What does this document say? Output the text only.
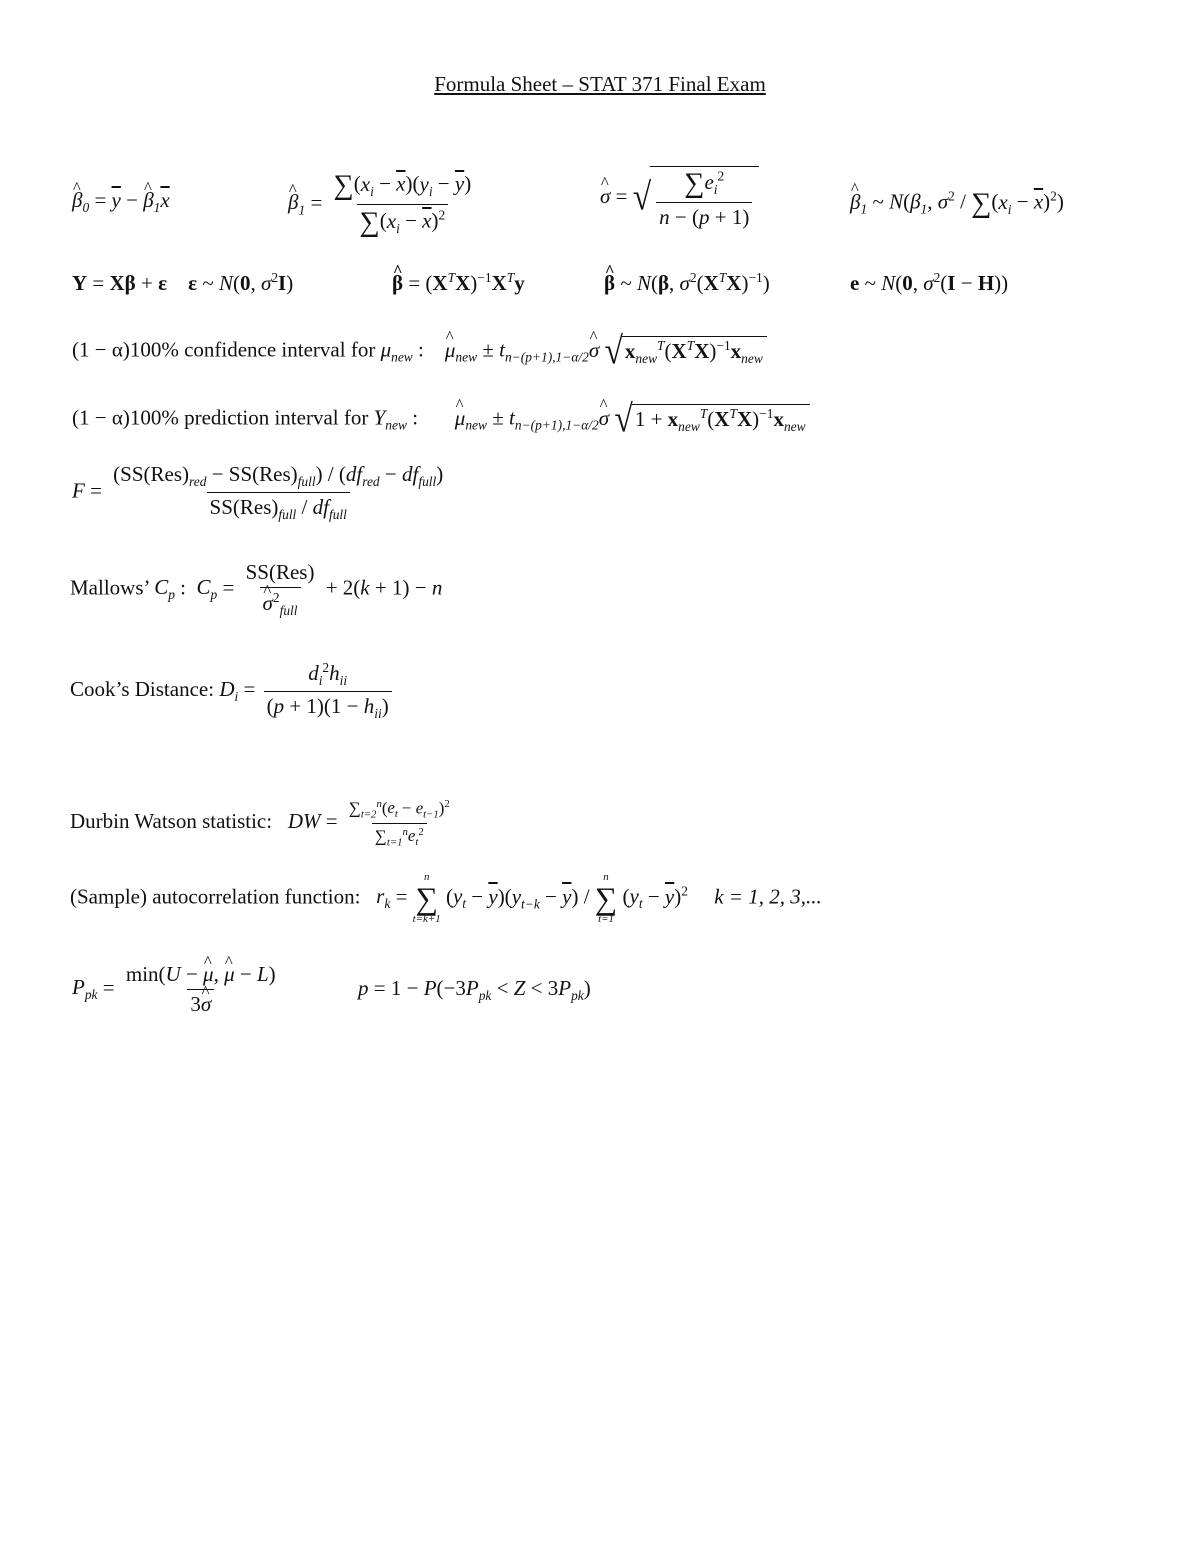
Formula Sheet – STAT 371 Final Exam
^ $\beta_0 = \overline{y}$ − ^ $\beta_1\overline{x}$	^ $\beta_1 = \frac{\sum(x_i - \overline{x})(y_i - \overline{y})}{\sum(x_i - \overline{x})^2}$	^ σ = √ $\frac{\sum e_i^2}{n - (p + 1)}$	^ $\beta_1$ ~ $N(\beta_1$, $\sigma^2 / \sum(x_i - \overline{x})^2$)
Y = Xβ + ε ε ~ N(0, $\sigma^2I$)	^ $\beta = (X^TX)^{-1}X^Ty$	^ β ~ N(β, $\sigma^2(X^TX)^{-1}$)	e ~ N(0, $\sigma^2(I - H)$)
(1 − α)100% confidence interval for $\mu_{new}$ :    ^ $\mu_{new}$ ± $t_{n-(p+1),1-\alpha/2}\^{}$ σ √ $x_{new}^T(X^TX)^{-1}x_{new}$
(1 − α)100% prediction interval for $Y_{new}$ :       ^ $\mu_{new}$ ± $t_{n-(p+1),1-\alpha/2}\^{}$ σ √ $1 + x_{new}^T(X^TX)^{-1}x_{new}$
$F = \frac{(SS(Res)_{red} - SS(Res)_{full}) / (df_{red} - df_{full})}{SS(Res)_{full} / df_{full}}$
Mallows’ $C_p$ :  $C_p = SS(Res)$
^ $\sigma^2_{full} + 2(k + 1) - n$
Cook’s Distance: $D_i = \frac{d_i^2h_{ii}}{(p + 1)(1 - h_{ii})}$
Durbin Watson statistic: DW = $\frac{\sum_{t=2}^n(e_t - e_{t-1})^2}{\sum_{t=1}^ne_t^2}$
(Sample) autocorrelation function: $r_k$ =
n
∑
t=k+1
$(y_t - \overline{y})(y_{t-k} - \overline{y})$ /
n
∑
t=1
$(y_t - \overline{y})^2$ k = 1, 2, 3,...
$P_{pk} = \frac{\min(U - \^{} \mu, \^{} \mu - L)}{3\^{} \sigma}$	$p = 1 - P(-3P_{pk} < Z < 3P_{pk})$
